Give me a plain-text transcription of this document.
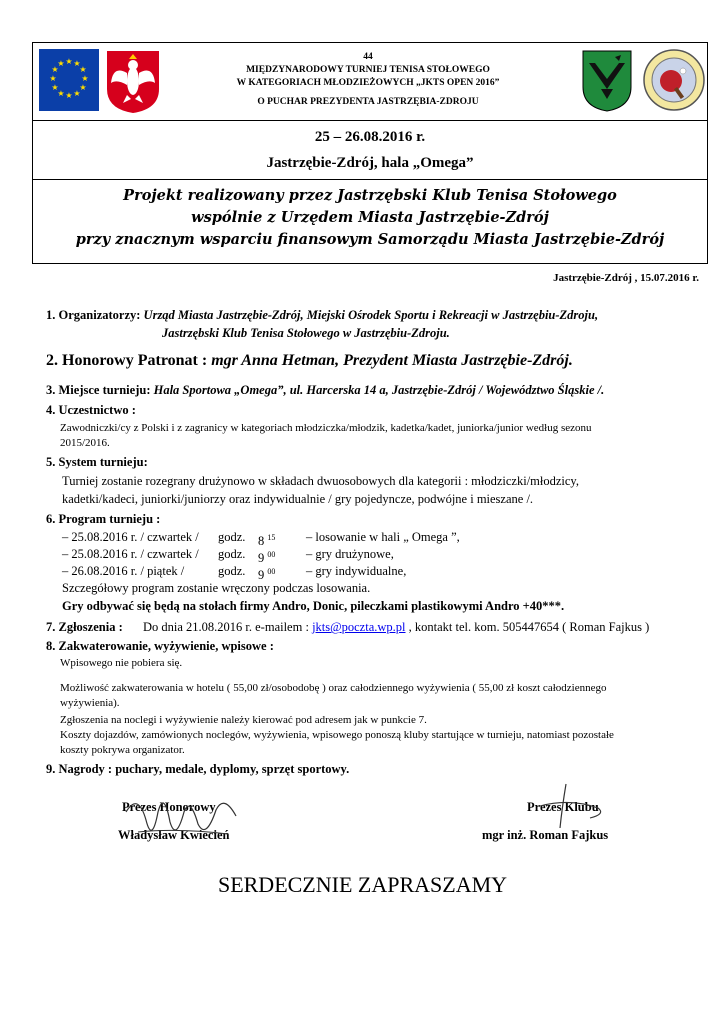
★ ★
★
★
★
★
★
★
★
★
★
★
44
MIĘDZYNARODOWY TURNIEJ TENISA STOŁOWEGO
W KATEGORIACH MŁODZIEŻOWYCH „JKTS OPEN 2016”
O PUCHAR PREZYDENTA JASTRZĘBIA-ZDROJU
25 – 26.08.2016 r.
Jastrzębie-Zdrój, hala „Omega”
Projekt realizowany przez Jastrzębski Klub Tenisa Stołowego
wspólnie z Urzędem Miasta Jastrzębie-Zdrój
przy znacznym wsparciu finansowym Samorządu Miasta Jastrzębie-Zdrój
Jastrzębie-Zdrój , 15.07.2016 r.
1. Organizatorzy: Urząd Miasta Jastrzębie-Zdrój, Miejski Ośrodek Sportu i Rekreacji w Jastrzębiu-Zdroju,
Jastrzębski Klub Tenisa Stołowego w Jastrzębiu-Zdroju.
2. Honorowy Patronat : mgr Anna Hetman, Prezydent Miasta Jastrzębie-Zdrój.
3. Miejsce turnieju: Hala Sportowa „Omega”, ul. Harcerska 14 a, Jastrzębie-Zdrój / Województwo Śląskie /.
4. Uczestnictwo :
Zawodniczki/cy z Polski i z zagranicy w kategoriach młodziczka/młodzik, kadetka/kadet, juniorka/junior według sezonu
2015/2016.
5. System turnieju:
Turniej zostanie rozegrany drużynowo w składach dwuosobowych dla kategorii : młodziczki/młodzicy,
kadetki/kadeci, juniorki/juniorzy oraz indywidualnie / gry pojedyncze, podwójne i mieszane /.
6. Program turnieju :
– 25.08.2016 r. / czwartek / godz. 8 $^{15}$ – losowanie w hali „ Omega ”,
– 25.08.2016 r. / czwartek / godz. 9 $^{00}$ – gry drużynowe,
– 26.08.2016 r. / piątek /	godz. 9 $^{00}$ – gry indywidualne,
Szczegółowy program zostanie wręczony podczas losowania.
Gry odbywać się będą na stołach firmy Andro, Donic, pileczkami plastikowymi Andro +40***.
7. Zgłoszenia : Do dnia 21.08.2016 r. e-mailem : jkts@poczta.wp.pl , kontakt tel. kom. 505447654 ( Roman Fajkus )
8. Zakwaterowanie, wyżywienie, wpisowe :
Wpisowego nie pobiera się.
Możliwość zakwaterowania w hotelu ( 55,00 zł/osobodobę ) oraz całodziennego wyżywienia ( 55,00 zł koszt całodziennego
wyżywienia).
Zgłoszenia na noclegi i wyżywienie należy kierować pod adresem jak w punkcie 7.
Koszty dojazdów, zamówionych noclegów, wyżywienia, wpisowego ponoszą kluby startujące w turnieju, natomiast pozostałe
koszty pokrywa organizator.
9. Nagrody : puchary, medale, dyplomy, sprzęt sportowy.
Prezes Honorowy
Władysław Kwiecień
Prezes Klubu
mgr inż. Roman Fajkus
SERDECZNIE ZAPRASZAMY
